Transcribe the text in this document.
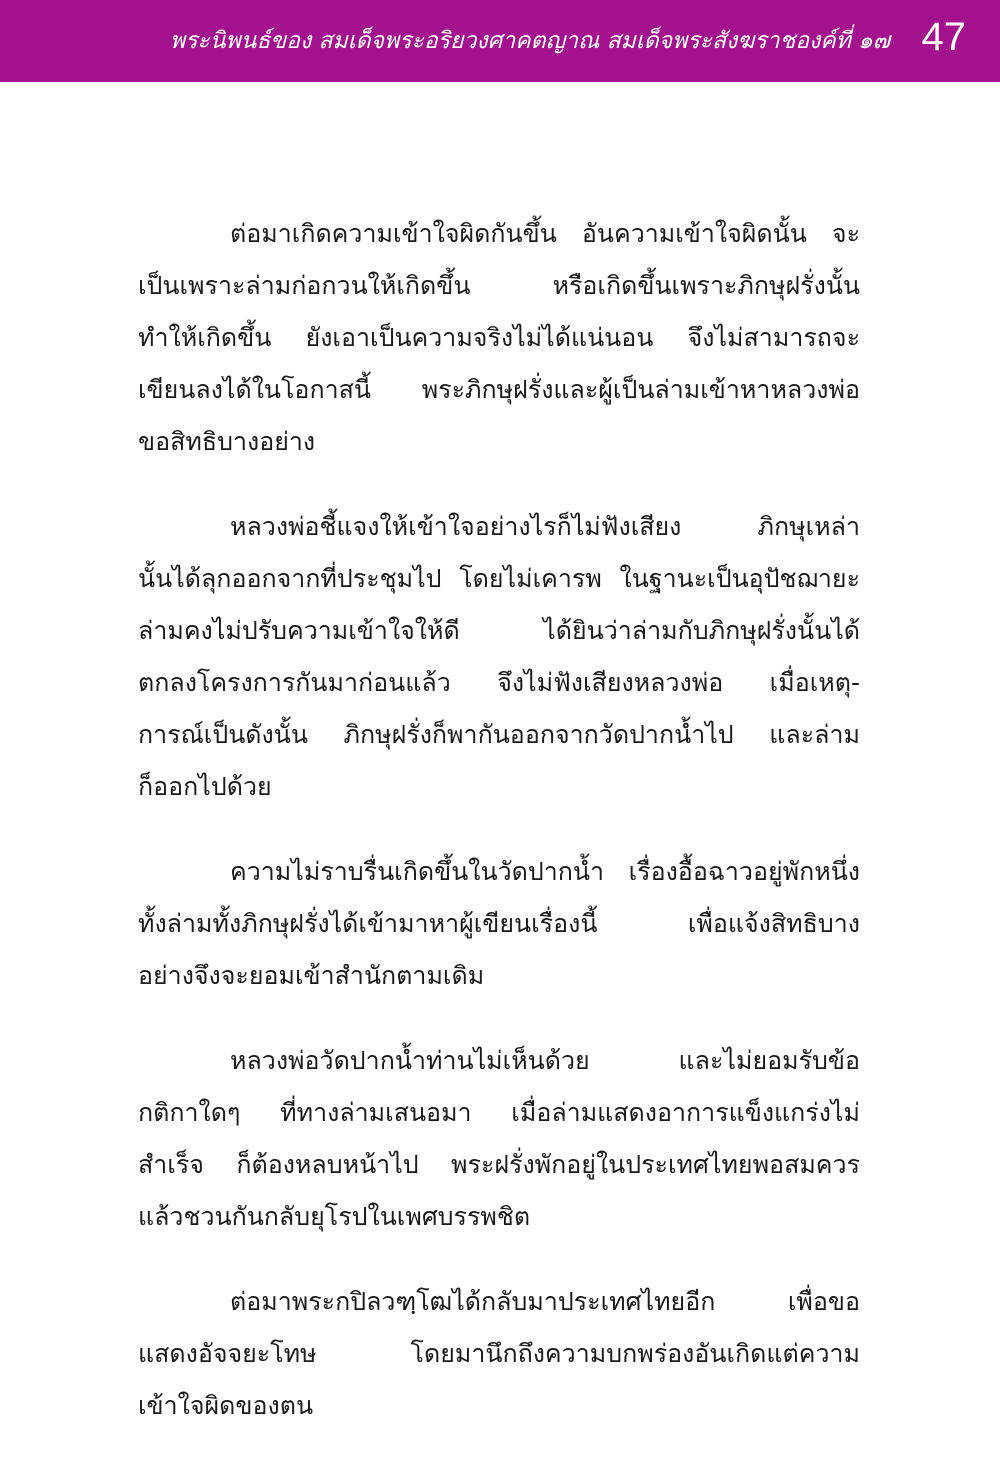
พระนิพนธ์ของ สมเด็จพระอริยวงศาคตญาณ สมเด็จพระสังฆราชองค์ที่ ๑๗ 47
ต่อมาเกิดความเข้าใจผิดกันขึ้น อันความเข้าใจผิดนั้น จะ
เป็นเพราะล่ามก่อกวนให้เกิดขึ้น หรือเกิดขึ้นเพราะภิกษุฝรั่งนั้น
ทำให้เกิดขึ้น ยังเอาเป็นความจริงไม่ได้แน่นอน จึงไม่สามารถจะ
เขียนลงได้ในโอกาสนี้ พระภิกษุฝรั่งและผู้เป็นล่ามเข้าหาหลวงพ่อ
ขอสิทธิบางอย่าง
หลวงพ่อชี้แจงให้เข้าใจอย่างไรก็ไม่ฟังเสียง ภิกษุเหล่า
นั้นได้ลุกออกจากที่ประชุมไป โดยไม่เคารพ ในฐานะเป็นอุปัชฌายะ
ล่ามคงไม่ปรับความเข้าใจให้ดี ได้ยินว่าล่ามกับภิกษุฝรั่งนั้นได้
ตกลงโครงการกันมาก่อนแล้ว จึงไม่ฟังเสียงหลวงพ่อ เมื่อเหตุ-
การณ์เป็นดังนั้น ภิกษุฝรั่งก็พากันออกจากวัดปากน้ำไป และล่าม
ก็ออกไปด้วย
ความไม่ราบรื่นเกิดขึ้นในวัดปากน้ำ เรื่องอื้อฉาวอยู่พักหนึ่ง
ทั้งล่ามทั้งภิกษุฝรั่งได้เข้ามาหาผู้เขียนเรื่องนี้ เพื่อแจ้งสิทธิบาง
อย่างจึงจะยอมเข้าสำนักตามเดิม
หลวงพ่อวัดปากน้ำท่านไม่เห็นด้วย และไม่ยอมรับข้อ
กติกาใดๆ ที่ทางล่ามเสนอมา เมื่อล่ามแสดงอาการแข็งแกร่งไม่
สำเร็จ ก็ต้องหลบหน้าไป พระฝรั่งพักอยู่ในประเทศไทยพอสมควร
แล้วชวนกันกลับยุโรปในเพศบรรพชิต
ต่อมาพระกปิลวฑฺโฒได้กลับมาประเทศไทยอีก เพื่อขอ
แสดงอัจจยะโทษ โดยมานึกถึงความบกพร่องอันเกิดแต่ความ
เข้าใจผิดของตน
